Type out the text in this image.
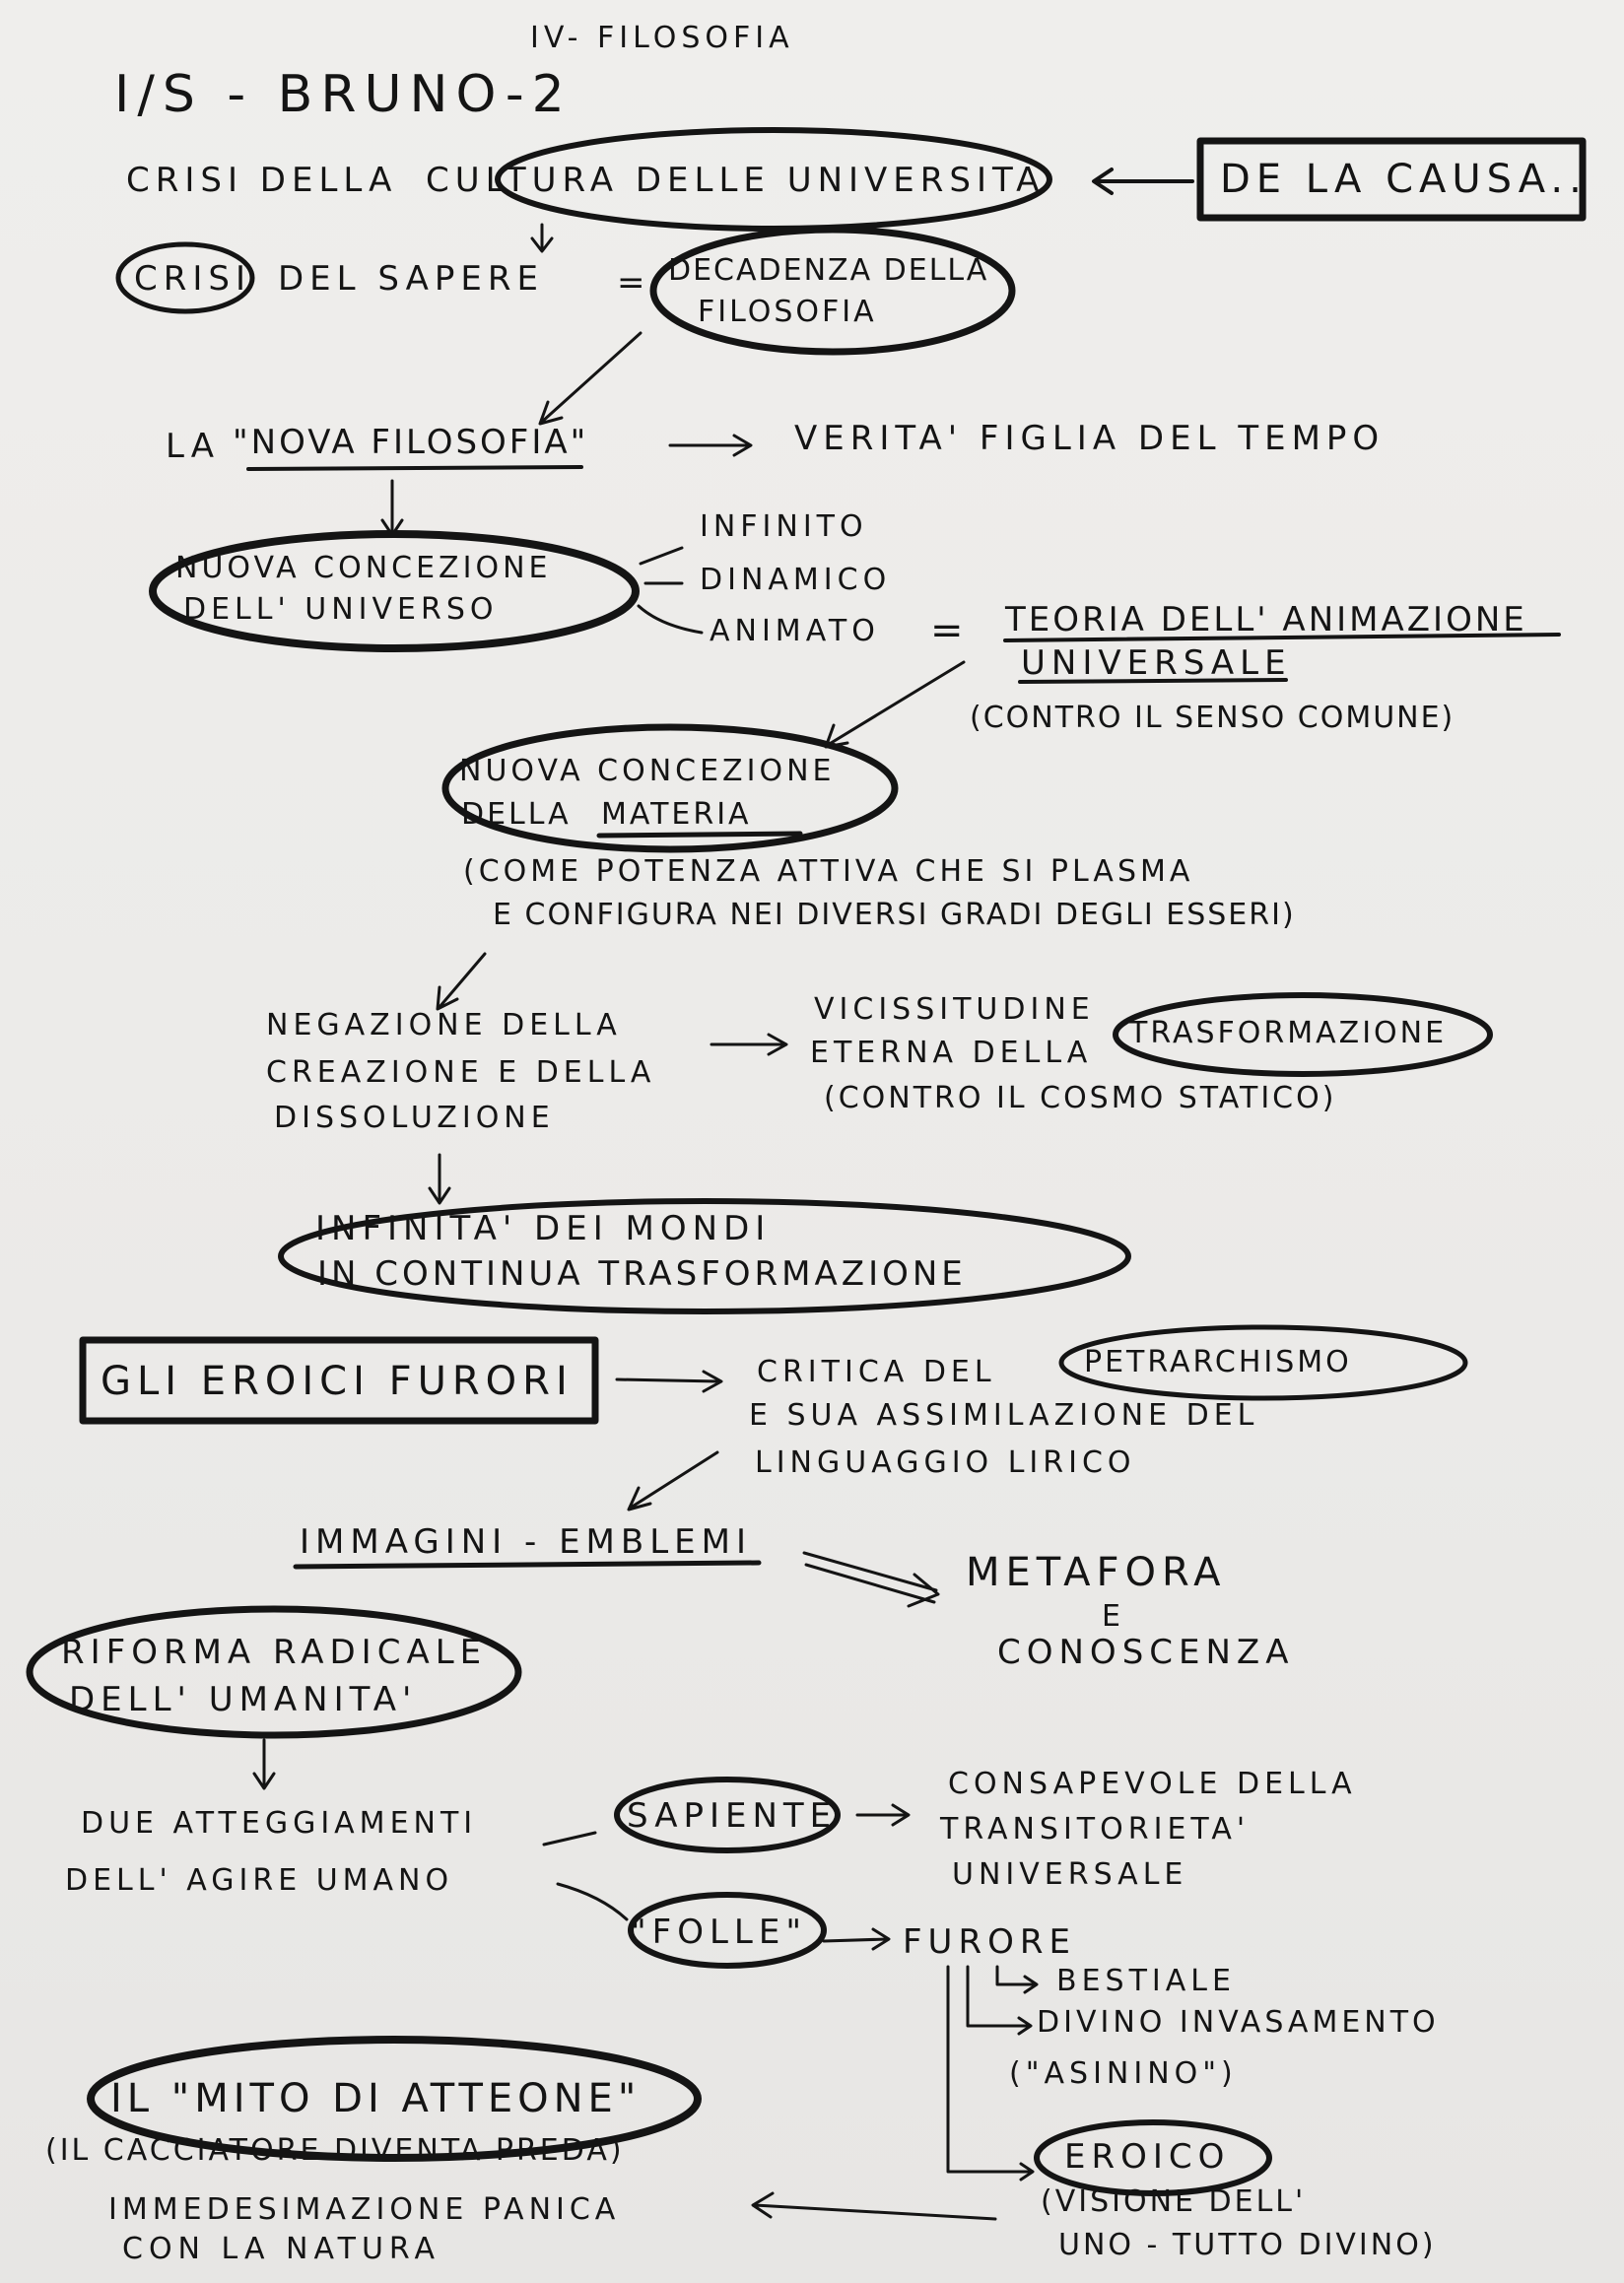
IV- FILOSOFIA
I/S - BRUNO-2
CRISI DELLA CULTURA DELLE UNIVERSITA	DE LA CAUSA..
CRISI DEL SAPERE = DECADENZA DELLA
FILOSOFIA
LA "NOVA FILOSOFIA"	VERITA' FIGLIA DEL TEMPO
NUOVA CONCEZIONE
DELL' UNIVERSO
INFINITO
DINAMICO
ANIMATO = TEORIA DELL' ANIMAZIONE
UNIVERSALE
(CONTRO IL SENSO COMUNE)
NUOVA CONCEZIONE
DELLA MATERIA
(COME POTENZA ATTIVA CHE SI PLASMA
E CONFIGURA NEI DIVERSI GRADI DEGLI ESSERI)
NEGAZIONE DELLA
CREAZIONE E DELLA
DISSOLUZIONE
VICISSITUDINE
ETERNA DELLA
TRASFORMAZIONE
(CONTRO IL COSMO STATICO)
INFINITA' DEI MONDI
IN CONTINUA TRASFORMAZIONE
GLI EROICI FURORI	CRITICA DEL	PETRARCHISMO
E SUA ASSIMILAZIONE DEL
LINGUAGGIO LIRICO
IMMAGINI - EMBLEMI
METAFORA
E
CONOSCENZA
RIFORMA RADICALE
DELL' UMANITA'
DUE ATTEGGIAMENTI
DELL' AGIRE UMANO
SAPIENTE
CONSAPEVOLE DELLA
TRANSITORIETA'
UNIVERSALE
"FOLLE"	FURORE
BESTIALE
DIVINO INVASAMENTO
("ASININO")
IL "MITO DI ATTEONE"
(IL CACCIATORE DIVENTA PREDA)
IMMEDESIMAZIONE PANICA
CON LA NATURA
EROICO
(VISIONE DELL'
UNO - TUTTO DIVINO)
